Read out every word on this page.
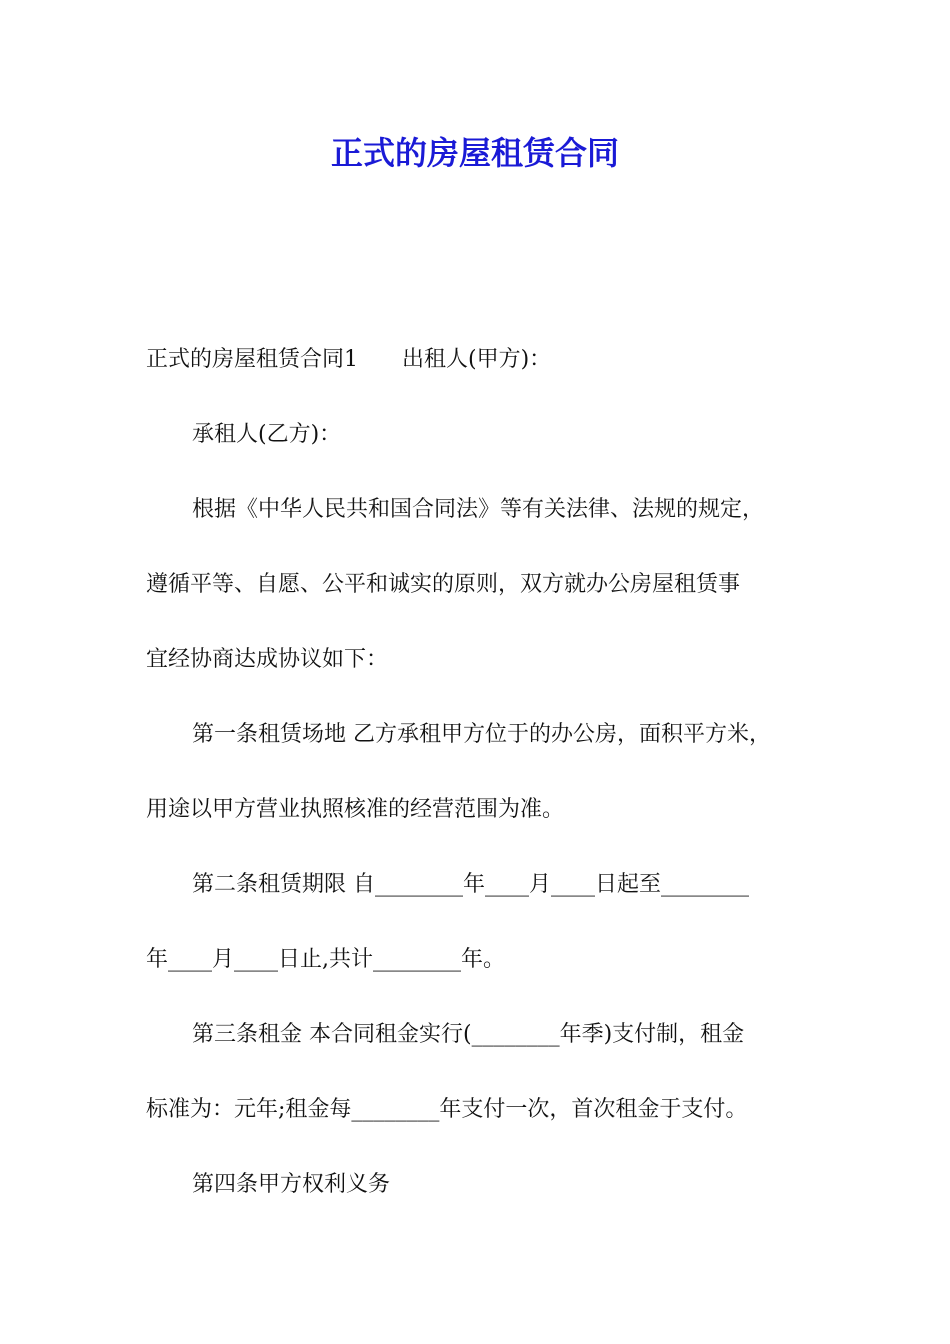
正式的房屋租赁合同

正式的房屋租赁合同1　　出租人(甲方)：

承租人(乙方)：

根据《中华人民共和国合同法》等有关法律、法规的规定，

遵循平等、自愿、公平和诚实的原则，双方就办公房屋租赁事

宜经协商达成协议如下：

第一条租赁场地 乙方承租甲方位于的办公房，面积平方米，

用途以甲方营业执照核准的经营范围为准。

第二条租赁期限 自________年____月____日起至________

年____月____日止,共计________年。

第三条租金 本合同租金实行(________年季)支付制，租金

标准为：元年;租金每________年支付一次，首次租金于支付。

第四条甲方权利义务
